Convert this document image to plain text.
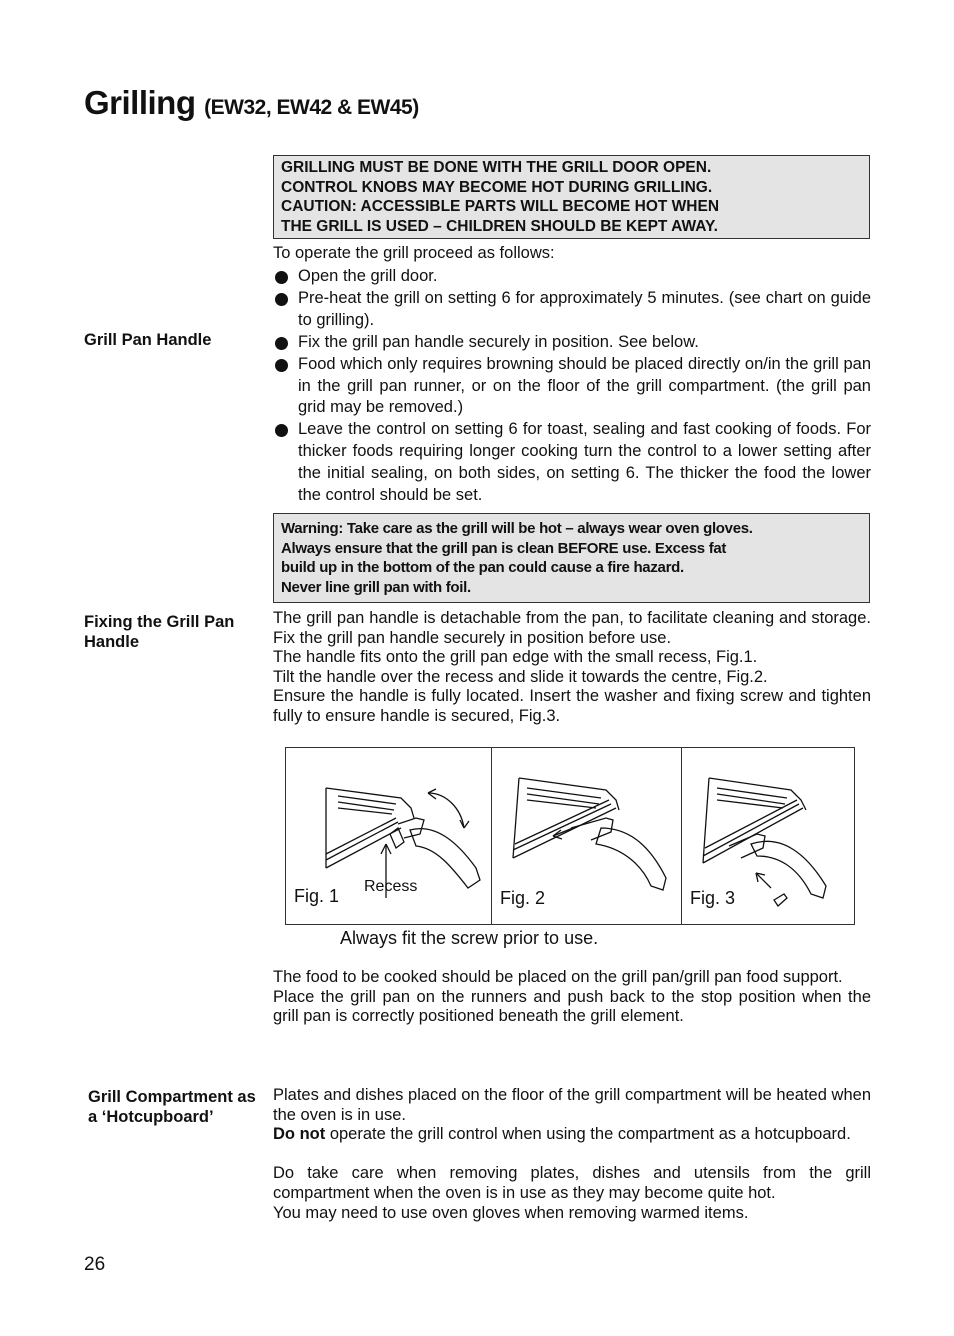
Grilling (EW32, EW42 & EW45)
GRILLING MUST BE DONE WITH THE GRILL DOOR OPEN.
CONTROL KNOBS MAY BECOME HOT DURING GRILLING.
CAUTION: ACCESSIBLE PARTS WILL BECOME HOT WHEN
THE GRILL IS USED – CHILDREN SHOULD BE KEPT AWAY.
To operate the grill proceed as follows:
Open the grill door.
Pre-heat the grill on setting 6 for approximately 5 minutes. (see chart on guide to grilling).
Fix the grill pan handle securely in position. See below.
Food which only requires browning should be placed directly on/in the grill pan in the grill pan runner, or on the floor of the grill compartment. (the grill pan grid may be removed.)
Leave the control on setting 6 for toast, sealing and fast cooking of foods. For thicker foods requiring longer cooking turn the control to a lower setting after the initial sealing, on both sides, on setting 6. The thicker the food the lower the control should be set.
Grill Pan Handle
Fixing the Grill Pan Handle
Grill Compartment as a ‘Hotcupboard’
Warning: Take care as the grill will be hot – always wear oven gloves.
Always ensure that the grill pan is clean BEFORE use. Excess fat
build up in the bottom of the pan could cause a fire hazard.
Never line grill pan with foil.
The grill pan handle is detachable from the pan, to facilitate cleaning and storage. Fix the grill pan handle securely in position before use.
The handle fits onto the grill pan edge with the small recess, Fig.1.
Tilt the handle over the recess and slide it towards the centre, Fig.2.
Ensure the handle is fully located. Insert the washer and fixing screw and tighten fully to ensure handle is secured, Fig.3.
Fig. 1 Recess
Fig. 2	Fig. 3
Always fit the screw prior to use.
The food to be cooked should be placed on the grill pan/grill pan food support.
Place the grill pan on the runners and push back to the stop position when the grill pan is correctly positioned beneath the grill element.
Plates and dishes placed on the floor of the grill compartment will be heated when the oven is in use.
Do not operate the grill control when using the compartment as a hotcupboard.
Do take care when removing plates, dishes and utensils from the grill compartment when the oven is in use as they may become quite hot.
You may need to use oven gloves when removing warmed items.
26
